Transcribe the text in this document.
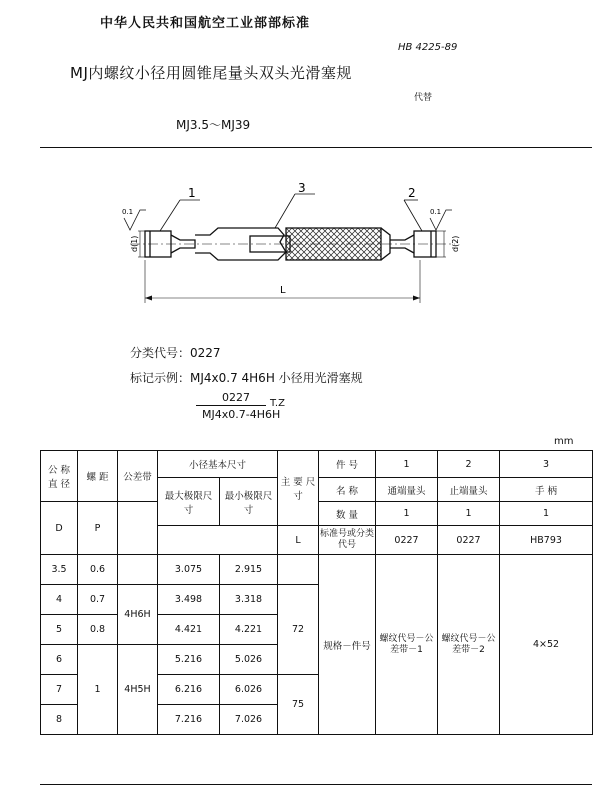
中华人民共和国航空工业部部标准
HB 4225-89
MJ内螺纹小径用圆锥尾量头双头光滑塞规
代替
MJ3.5～MJ39
1	3	2
0.1	0.1
d(1)	d(2)
L
分类代号：0227
标记示例：MJ4x0.7 4H6H 小径用光滑塞规
0227
MJ4x0.7-4H6H
T.Z
mm
公 称 直 径	螺 距	公差带	小径基本尺寸		主 要 尺 寸	件 号	1	2	3
			最大极限尺 寸	最小极限尺 寸		名 称	通端量头	止端量头	手 柄
D	P					数 量	1	1	1
					L	标准号或分类代号	0227	0227	HB793
3.5	0.6		3.075	2.915		规格－件号	螺纹代号－公差带－1	螺纹代号－公差带－2	4×52
4	0.7	4H6H	3.498	3.318	72				
5	0.8		4.421	4.221					
6	1	4H5H	5.216	5.026					
7			6.216	6.026	75				
8			7.216	7.026					
